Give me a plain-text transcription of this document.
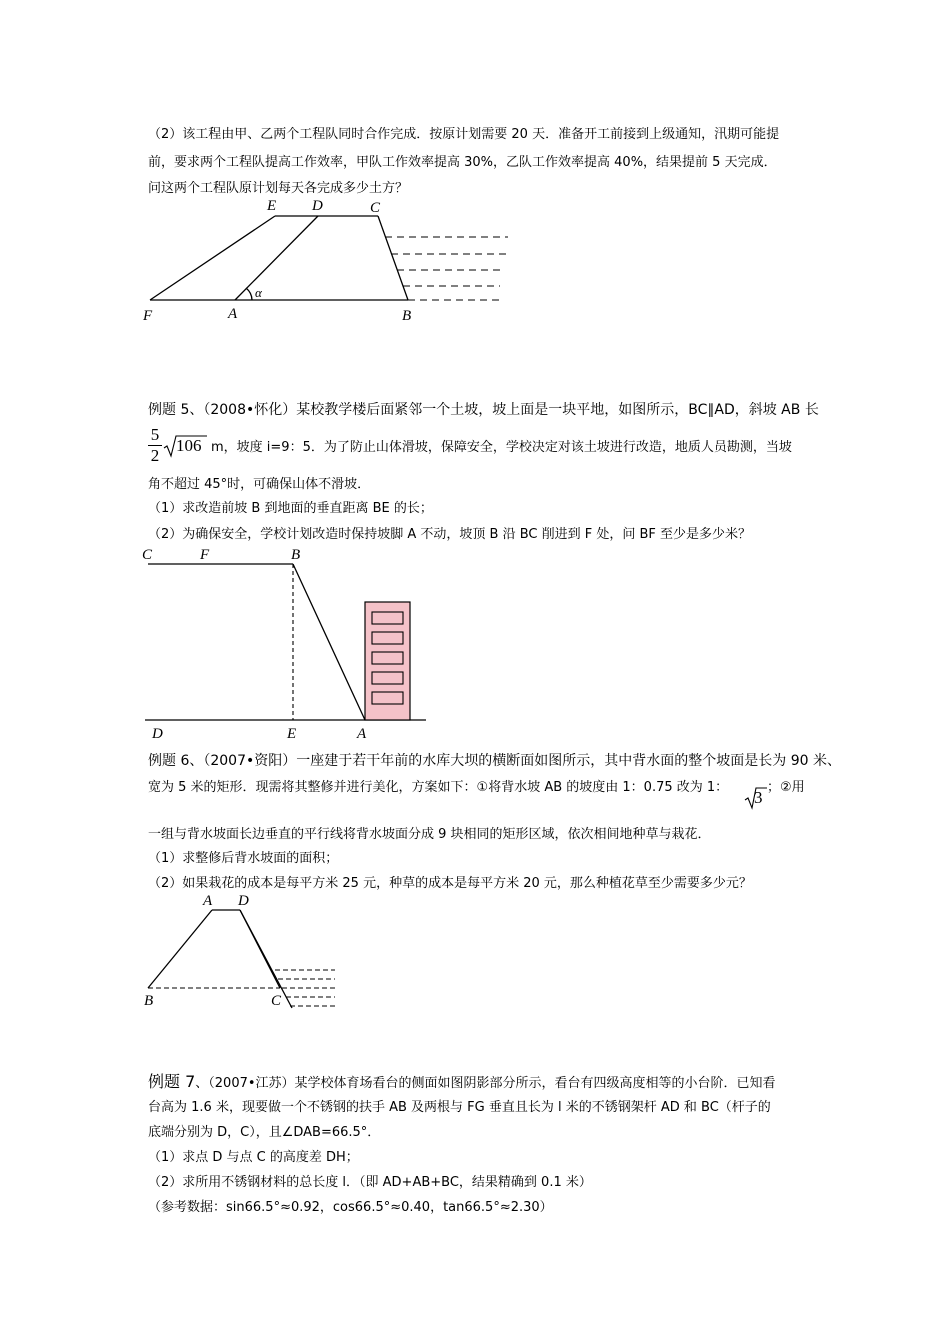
（2）该工程由甲、乙两个工程队同时合作完成．按原计划需要 20 天．准备开工前接到上级通知，汛期可能提
前，要求两个工程队提高工作效率，甲队工作效率提高 30%，乙队工作效率提高 40%，结果提前 5 天完成．
问这两个工程队原计划每天各完成多少土方？
E D	C
F	A	B
α
例题 5、（2008•怀化）某校教学楼后面紧邻一个土坡，坡上面是一块平地，如图所示，BC∥AD，斜坡 AB 长
5
2
106 m，坡度 i=9：5．为了防止山体滑坡，保障安全，学校决定对该土坡进行改造，地质人员勘测，当坡
角不超过 45°时，可确保山体不滑坡．
（1）求改造前坡 B 到地面的垂直距离 BE 的长；
（2）为确保安全，学校计划改造时保持坡脚 A 不动，坡顶 B 沿 BC 削进到 F 处，问 BF 至少是多少米？
C	F	B
D	E	A
例题 6、（2007•资阳）一座建于若干年前的水库大坝的横断面如图所示，其中背水面的整个坡面是长为 90 米、
宽为 5 米的矩形．现需将其整修并进行美化，方案如下：①将背水坡 AB 的坡度由 1：0.75 改为 1：
3
；②用
一组与背水坡面长边垂直的平行线将背水坡面分成 9 块相同的矩形区域，依次相间地种草与栽花．
（1）求整修后背水坡面的面积；
（2）如果栽花的成本是每平方米 25 元，种草的成本是每平方米 20 元，那么种植花草至少需要多少元？
A D
B	C
例题 7、（2007•江苏）某学校体育场看台的侧面如图阴影部分所示，看台有四级高度相等的小台阶．已知看
台高为 1.6 米，现要做一个不锈钢的扶手 AB 及两根与 FG 垂直且长为 l 米的不锈钢架杆 AD 和 BC（杆子的
底端分别为 D，C），且∠DAB=66.5°．
（1）求点 D 与点 C 的高度差 DH；
（2）求所用不锈钢材料的总长度 l．（即 AD+AB+BC，结果精确到 0.1 米）
（参考数据：sin66.5°≈0.92，cos66.5°≈0.40，tan66.5°≈2.30）
